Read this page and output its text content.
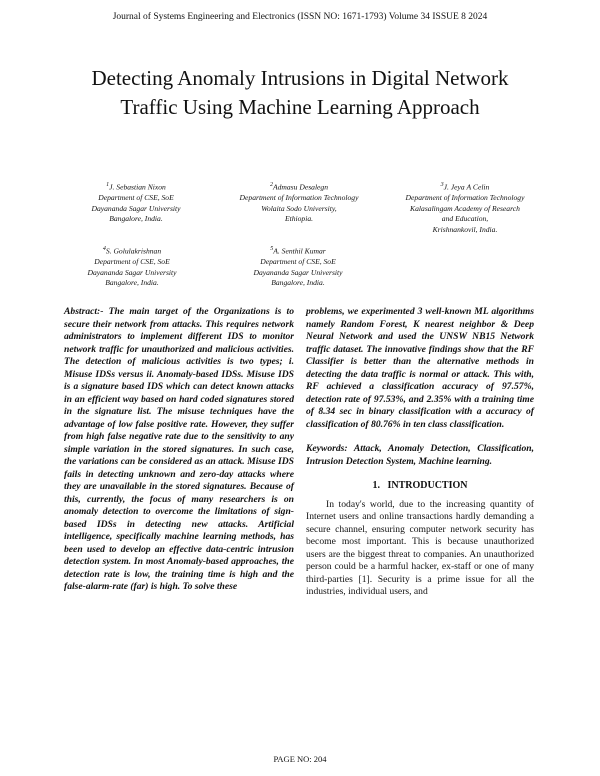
Journal of Systems Engineering and Electronics (ISSN NO: 1671-1793) Volume 34 ISSUE 8 2024
Detecting Anomaly Intrusions in Digital Network
Traffic Using Machine Learning Approach
$^1$J. Sebastian Nixon
Department of CSE, SoE
Dayananda Sagar University
Bangalore, India.
$^2$Admasu Desalegn
Department of Information Technology
Wolaita Sodo University,
Ethiopia.
$^3$J. Jeya A Celin
Department of Information Technology
Kalasalingam Academy of Research
and Education,
Krishnankovil, India.
$^4$S. Golulakrishnan
Department of CSE, SoE
Dayananda Sagar University
Bangalore, India.
$^5$A. Senthil Kumar
Department of CSE, SoE
Dayananda Sagar University
Bangalore, India.

Abstract:- The main target of the Organizations is to secure their network from attacks. This requires network administrators to implement different IDS to monitor network traffic for unauthorized and malicious activities. The detection of malicious activities is two types; i. Misuse IDSs versus ii. Anomaly-based IDSs. Misuse IDS is a signature based IDS which can detect known attacks in an efficient way based on hard coded signatures stored in the signature list. The misuse techniques have the advantage of low false positive rate. However, they suffer from high false negative rate due to the sensitivity to any simple variation in the stored signatures. In such case, the variations can be considered as an attack. Misuse IDS fails in detecting unknown and zero-day attacks where they are unavailable in the stored signatures. Because of this, currently, the focus of many researchers is on anomaly detection to overcome the limitations of sign-based IDSs in detecting new attacks. Artificial intelligence, specifically machine learning methods, has been used to develop an effective data-centric intrusion detection system. In most Anomaly-based approaches, the detection rate is low, the training time is high and the false-alarm-rate (far) is high. To solve these

problems, we experimented 3 well-known ML algorithms namely Random Forest, K nearest neighbor & Deep Neural Network and used the UNSW NB15 Network traffic dataset. The innovative findings show that the RF Classifier is better than the alternative methods in detecting the data traffic is normal or attack. This with, RF achieved a classification accuracy of 97.57%, detection rate of 97.53%, and 2.35% with a training time of 8.34 sec in binary classification with a accuracy of classification of 80.76% in ten class classification.

Keywords: Attack, Anomaly Detection, Classification, Intrusion Detection System, Machine learning.

1. INTRODUCTION

In today's world, due to the increasing quantity of Internet users and online transactions hardly demanding a secure channel, ensuring computer network security has become most important. This is because unauthorized users are the biggest threat to companies. An unauthorized person could be a harmful hacker, ex-staff or one of many third-parties [1]. Security is a prime issue for all the industries, individual users, and

PAGE NO: 204
